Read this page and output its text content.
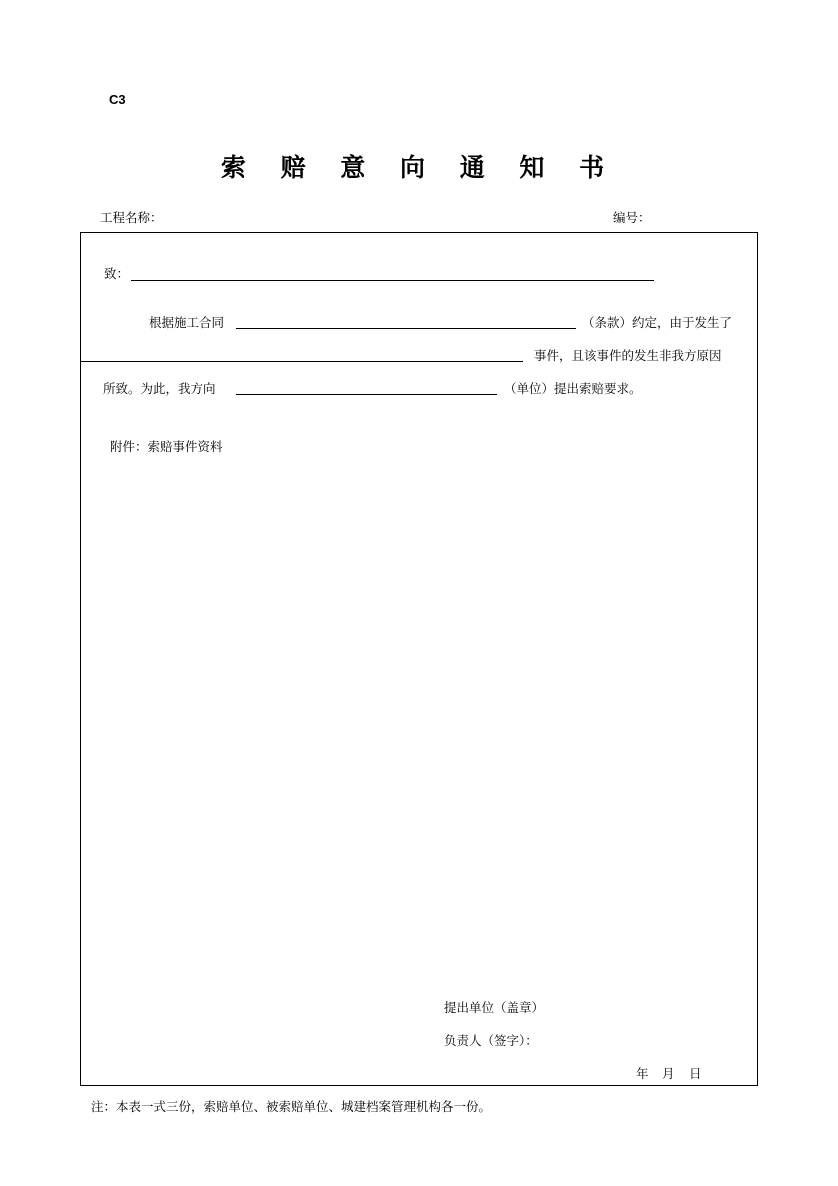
C3
索 赔 意 向 通 知 书
工程名称：	编号：
致：
根据施工合同	（条款）约定，由于发生了
事件，且该事件的发生非我方原因
所致。为此，我方向	（单位）提出索赔要求。
附件：索赔事件资料
提出单位（盖章）
负责人（签字）：
年 月 日
注：本表一式三份，索赔单位、被索赔单位、城建档案管理机构各一份。
